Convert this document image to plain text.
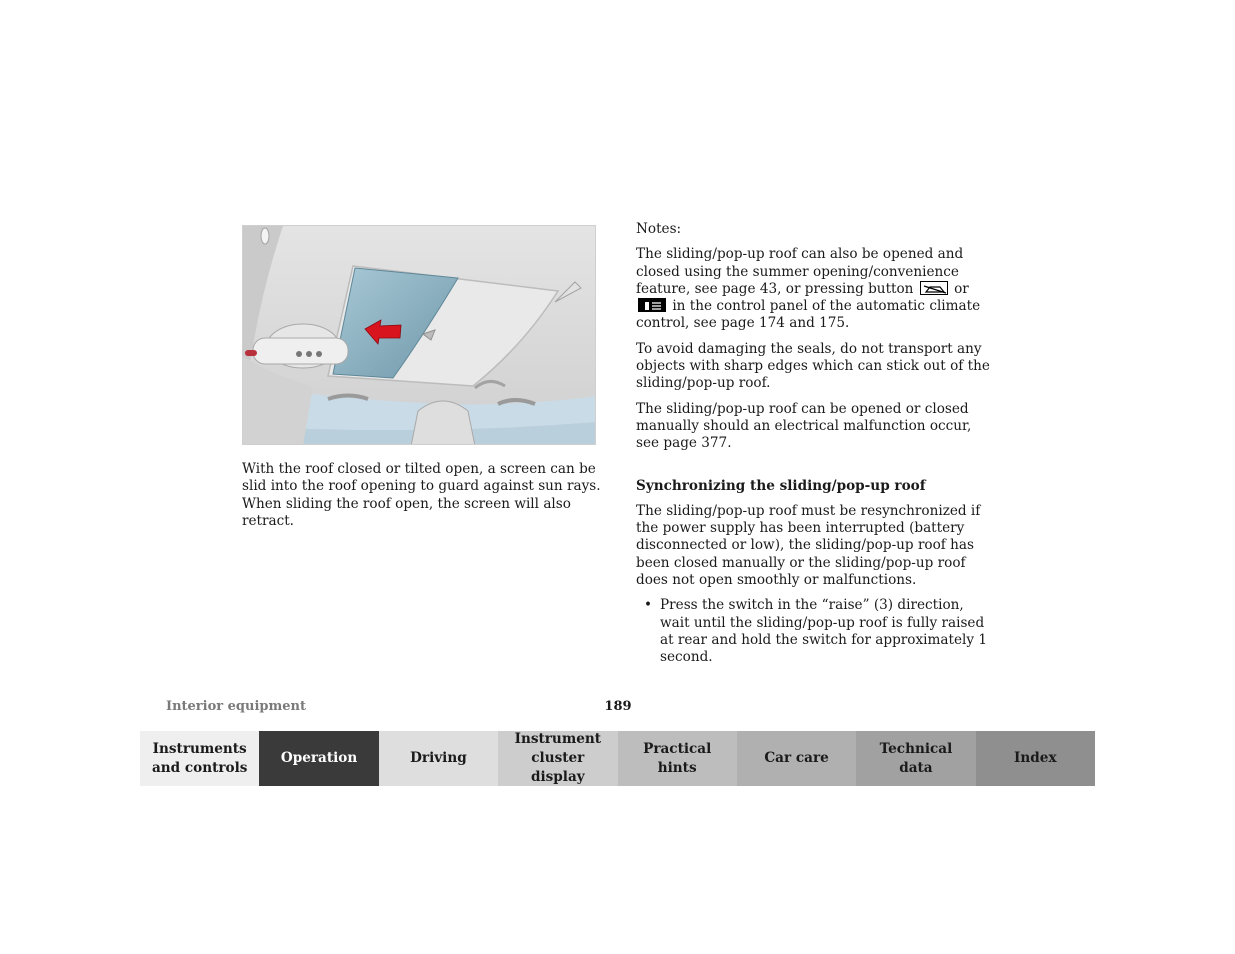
With the roof closed or tilted open, a screen can be slid into the roof opening to guard against sun rays. When sliding the roof open, the screen will also retract.

Notes:

The sliding/pop-up roof can also be opened and closed using the summer opening/convenience feature, see page 43, or pressing button	or
in the control panel of the automatic climate control, see page 174 and 175.

To avoid damaging the seals, do not transport any objects with sharp edges which can stick out of the sliding/pop-up roof.

The sliding/pop-up roof can be opened or closed manually should an electrical malfunction occur, see page 377.

Synchronizing the sliding/pop-up roof

The sliding/pop-up roof must be resynchronized if the power supply has been interrupted (battery disconnected or low), the sliding/pop-up roof has been closed manually or the sliding/pop-up roof does not open smoothly or malfunctions.

• Press the switch in the “raise” (3) direction, wait until the sliding/pop-up roof is fully raised at rear and hold the switch for approximately 1 second.
Interior equipment	189
Instruments
and controls
Operation	Driving
Instrument
cluster display
Practical hints
Car care
Technical
data
Index
